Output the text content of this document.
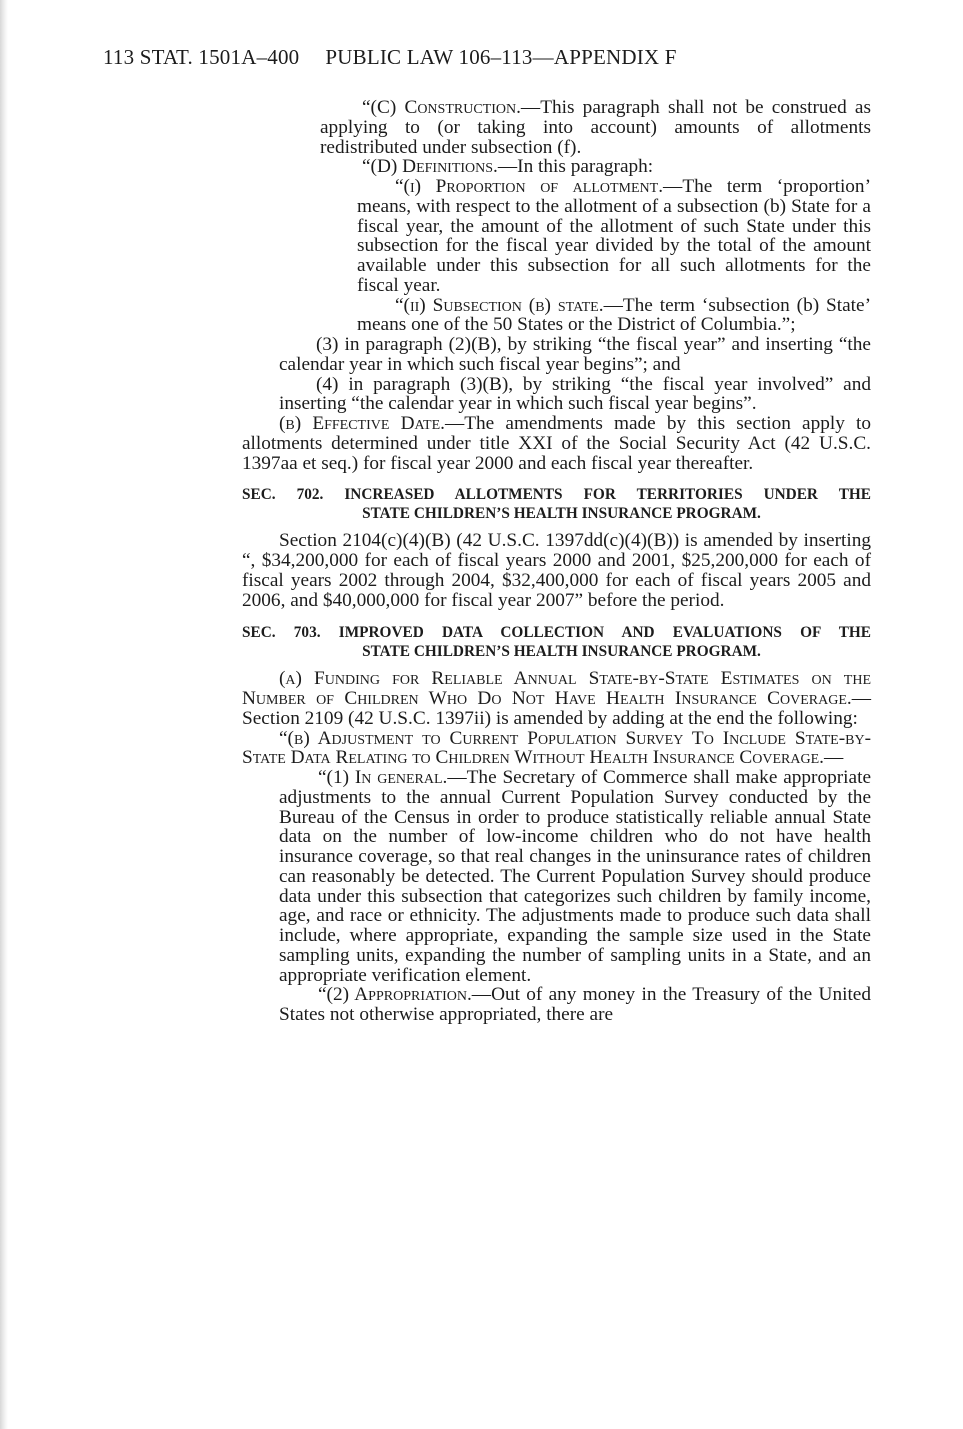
113 STAT. 1501A–400 PUBLIC LAW 106–113—APPENDIX F

“(C) Construction.—This paragraph shall not be construed as applying to (or taking into account) amounts of allotments redistributed under subsection (f).

“(D) Definitions.—In this paragraph:

“(i) Proportion of allotment.—The term ‘proportion’ means, with respect to the allotment of a subsection (b) State for a fiscal year, the amount of the allotment of such State under this subsection for the fiscal year divided by the total of the amount available under this subsection for all such allotments for the fiscal year.

“(ii) Subsection (b) state.—The term ‘subsection (b) State’ means one of the 50 States or the District of Columbia.”;

(3) in paragraph (2)(B), by striking “the fiscal year” and inserting “the calendar year in which such fiscal year begins”; and

(4) in paragraph (3)(B), by striking “the fiscal year involved” and inserting “the calendar year in which such fiscal year begins”.

(b) Effective Date.—The amendments made by this section apply to allotments determined under title XXI of the Social Security Act (42 U.S.C. 1397aa et seq.) for fiscal year 2000 and each fiscal year thereafter.

SEC. 702. INCREASED ALLOTMENTS FOR TERRITORIES UNDER THE
STATE CHILDREN’S HEALTH INSURANCE PROGRAM.

Section 2104(c)(4)(B) (42 U.S.C. 1397dd(c)(4)(B)) is amended by inserting “, $34,200,000 for each of fiscal years 2000 and 2001, $25,200,000 for each of fiscal years 2002 through 2004, $32,400,000 for each of fiscal years 2005 and 2006, and $40,000,000 for fiscal year 2007” before the period.

SEC. 703. IMPROVED DATA COLLECTION AND EVALUATIONS OF THE
STATE CHILDREN’S HEALTH INSURANCE PROGRAM.

(a) Funding for Reliable Annual State-by-State Estimates on the Number of Children Who Do Not Have Health Insurance Coverage.—Section 2109 (42 U.S.C. 1397ii) is amended by adding at the end the following:

“(b) Adjustment to Current Population Survey To Include State-by-State Data Relating to Children Without Health Insurance Coverage.—

“(1) In general.—The Secretary of Commerce shall make appropriate adjustments to the annual Current Population Survey conducted by the Bureau of the Census in order to produce statistically reliable annual State data on the number of low-income children who do not have health insurance coverage, so that real changes in the uninsurance rates of children can reasonably be detected. The Current Population Survey should produce data under this subsection that categorizes such children by family income, age, and race or ethnicity. The adjustments made to produce such data shall include, where appropriate, expanding the sample size used in the State sampling units, expanding the number of sampling units in a State, and an appropriate verification element.

“(2) Appropriation.—Out of any money in the Treasury of the United States not otherwise appropriated, there are
